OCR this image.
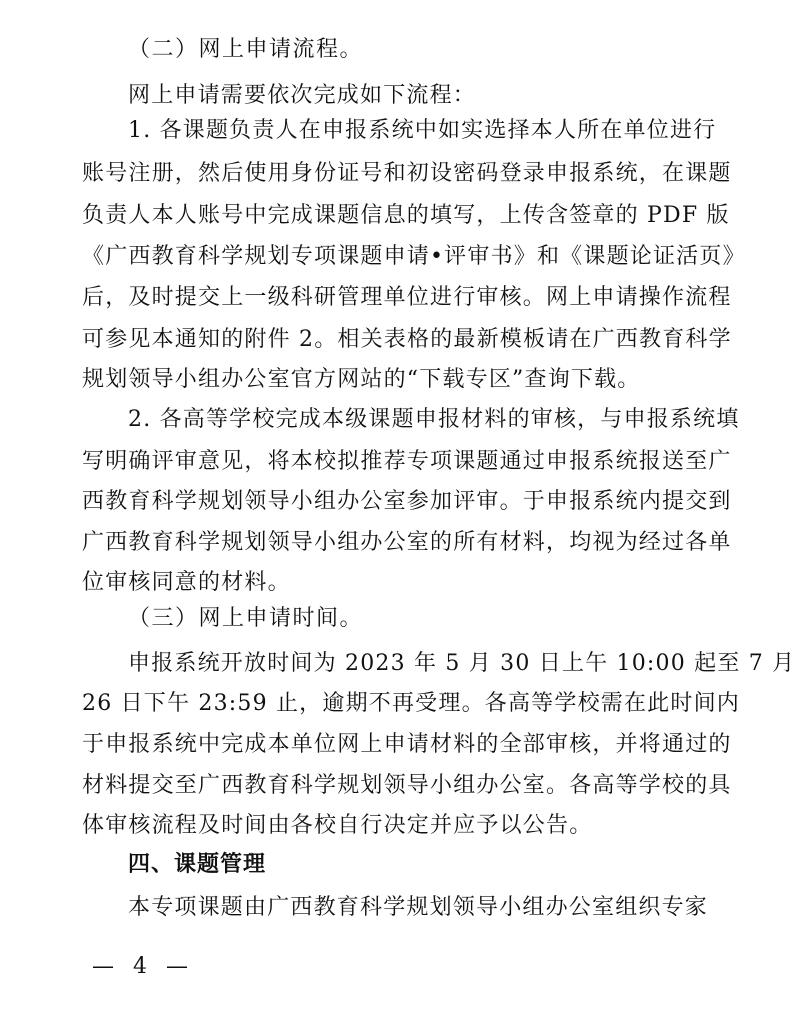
（二）网上申请流程。
网上申请需要依次完成如下流程：
1. 各课题负责人在申报系统中如实选择本人所在单位进行
账号注册，然后使用身份证号和初设密码登录申报系统，在课题
负责人本人账号中完成课题信息的填写，上传含签章的 PDF 版
《广西教育科学规划专项课题申请•评审书》和《课题论证活页》
后，及时提交上一级科研管理单位进行审核。网上申请操作流程
可参见本通知的附件 2。相关表格的最新模板请在广西教育科学
规划领导小组办公室官方网站的“下载专区”查询下载。
2. 各高等学校完成本级课题申报材料的审核，与申报系统填
写明确评审意见，将本校拟推荐专项课题通过申报系统报送至广
西教育科学规划领导小组办公室参加评审。于申报系统内提交到
广西教育科学规划领导小组办公室的所有材料，均视为经过各单
位审核同意的材料。
（三）网上申请时间。
申报系统开放时间为 2023 年 5 月 30 日上午 10:00 起至 7 月
26 日下午 23:59 止，逾期不再受理。各高等学校需在此时间内
于申报系统中完成本单位网上申请材料的全部审核，并将通过的
材料提交至广西教育科学规划领导小组办公室。各高等学校的具
体审核流程及时间由各校自行决定并应予以公告。
四、课题管理
本专项课题由广西教育科学规划领导小组办公室组织专家
— 4 —
